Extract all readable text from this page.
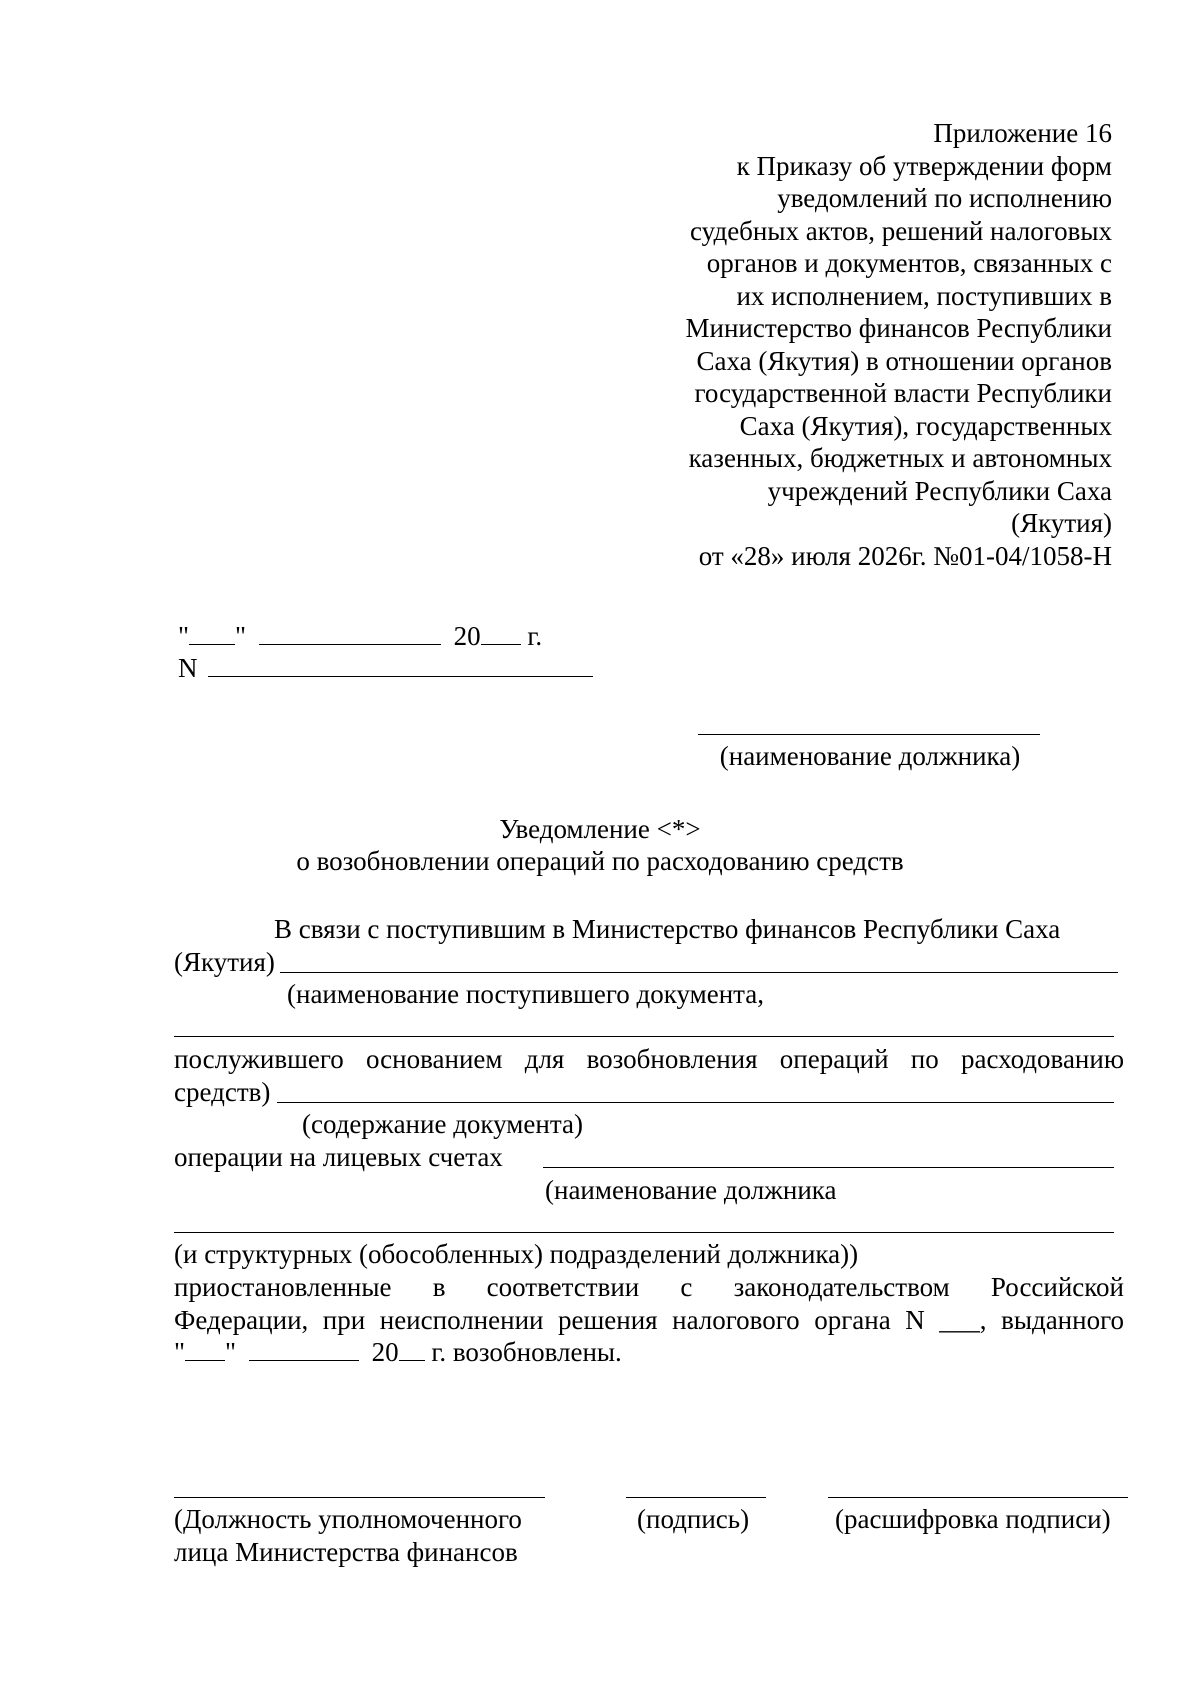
Приложение 16
к Приказу об утверждении форм
уведомлений по исполнению
судебных актов, решений налоговых
органов и документов, связанных с
их исполнением, поступивших в
Министерство финансов Республики
Саха (Якутия) в отношении органов
государственной власти Республики
Саха (Якутия), государственных
казенных, бюджетных и автономных
учреждений Республики Саха
(Якутия)
от «28» июля 2026г. №01-04/1058-Н
" "	20 г.
N
(наименование должника)
Уведомление <*>
о возобновлении операций по расходованию средств
В связи с поступившим в Министерство финансов Республики Саха
(Якутия)
(наименование поступившего документа,
послужившего основанием для возобновления операций по расходованию
средств)
(содержание документа)
операции на лицевых счетах
(наименование должника
(и структурных (обособленных) подразделений должника))
приостановленные в соответствии с законодательством Российской
Федерации, при неисполнении решения налогового органа N ___, выданного
" "	20 г. возобновлены.
(Должность уполномоченного
лица Министерства финансов
(подпись)	(расшифровка подписи)
